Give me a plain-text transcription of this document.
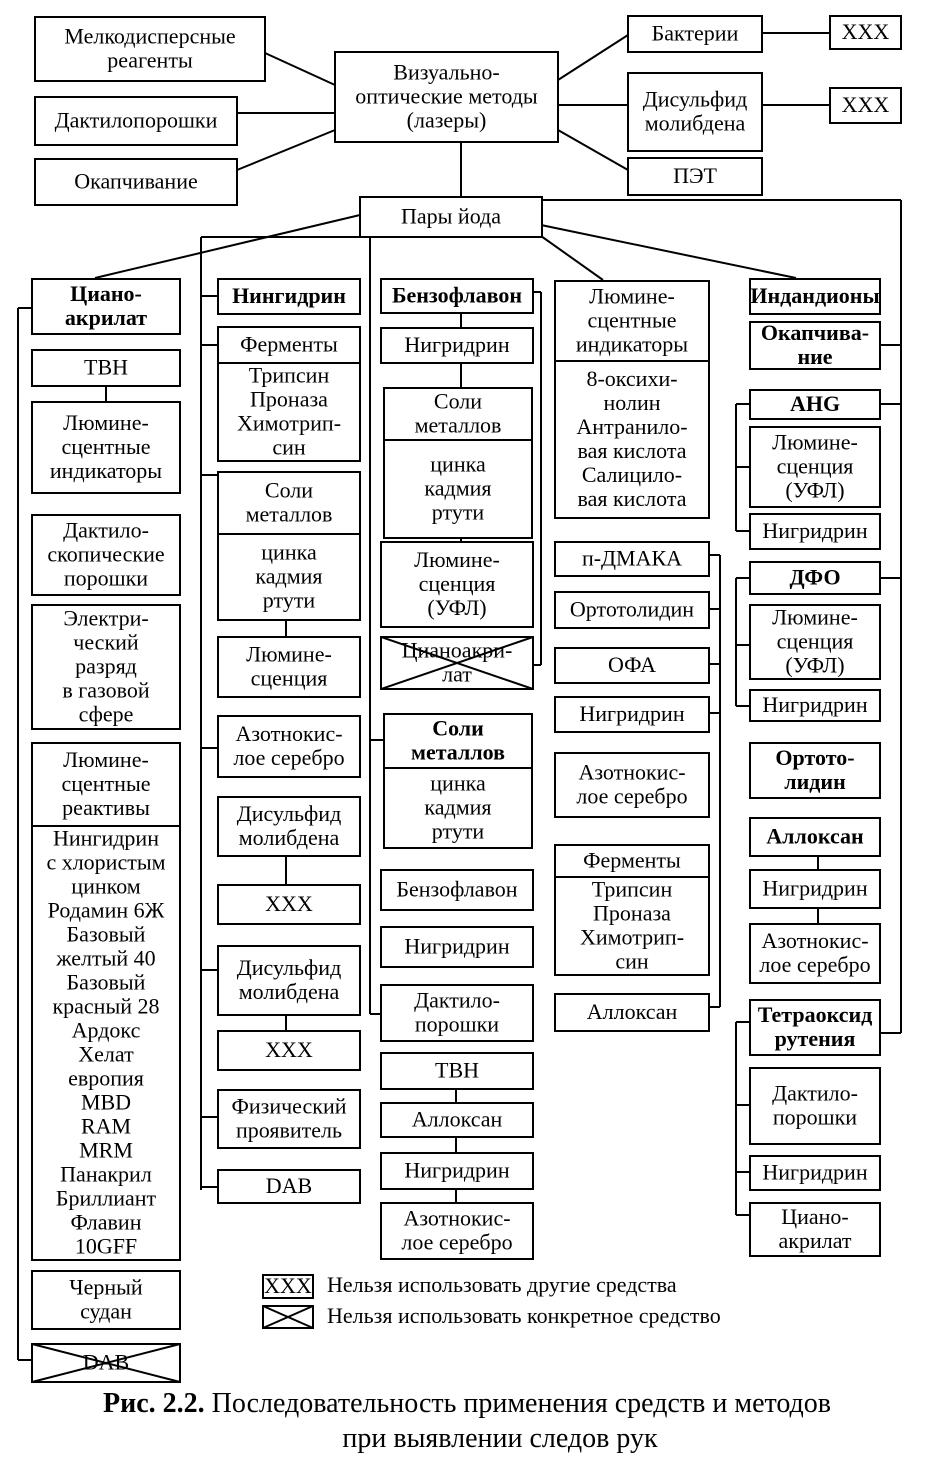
Визуально-
оптические методы
(лазеры)
Мелкодисперсные
реагенты
Дактилопорошки
Окапчивание
Бактерии
Дисульфид
молибдена
ПЭТ
ХХХ
ХХХ
Пары йода
Циано-
акрилат
ТВН
Люмине-
сцентные
индикаторы
Дактило-
скопические
порошки
Электри-
ческий
разряд
в газовой
сфере
Люмине-
сцентные
реактивы
Нингидрин
с хлористым
цинком
Родамин 6Ж
Базовый
желтый 40
Базовый
красный 28
Ардокс
Хелат
европия
MBD
RAM
MRM
Панакрил
Бриллиант
Флавин
10GFF
Черный
судан
DAB
Нингидрин
Ферменты
Трипсин
Проназа
Химотрип-
син
Соли
металлов
цинка
кадмия
ртути
Люмине-
сценция
Азотнокис-
лое серебро
Дисульфид
молибдена
ХХХ
Дисульфид
молибдена
ХХХ
Физический
проявитель
DAB
Бензофлавон
Нигридрин
Соли
металлов
цинка
кадмия
ртути
Люмине-
сценция
(УФЛ)
Цианоакри-
лат
Соли
металлов
цинка
кадмия
ртути
Бензофлавон
Нигридрин
Дактило-
порошки
ТВН
Аллоксан
Нигридрин
Азотнокис-
лое серебро
Люмине-
сцентные
индикаторы
8-оксихи-
нолин
Антранило-
вая кислота
Салицило-
вая кислота
п-ДМАКА
Ортотолидин
ОФА
Нигридрин
Азотнокис-
лое серебро
Ферменты
Трипсин
Проназа
Химотрип-
син
Аллоксан
Индандионы
Окапчива-
ние
AHG
Люмине-
сценция
(УФЛ)
Нигридрин
ДФО
Люмине-
сценция
(УФЛ)
Нигридрин
Ортото-
лидин
Аллоксан
Нигридрин
Азотнокис-
лое серебро
Тетраоксид
рутения
Дактило-
порошки
Нигридрин
Циано-
акрилат
ХХХ Нельзя использовать другие средства
Нельзя использовать конкретное средство
Рис. 2.2. Последовательность применения средств и методов
при выявлении следов рук
